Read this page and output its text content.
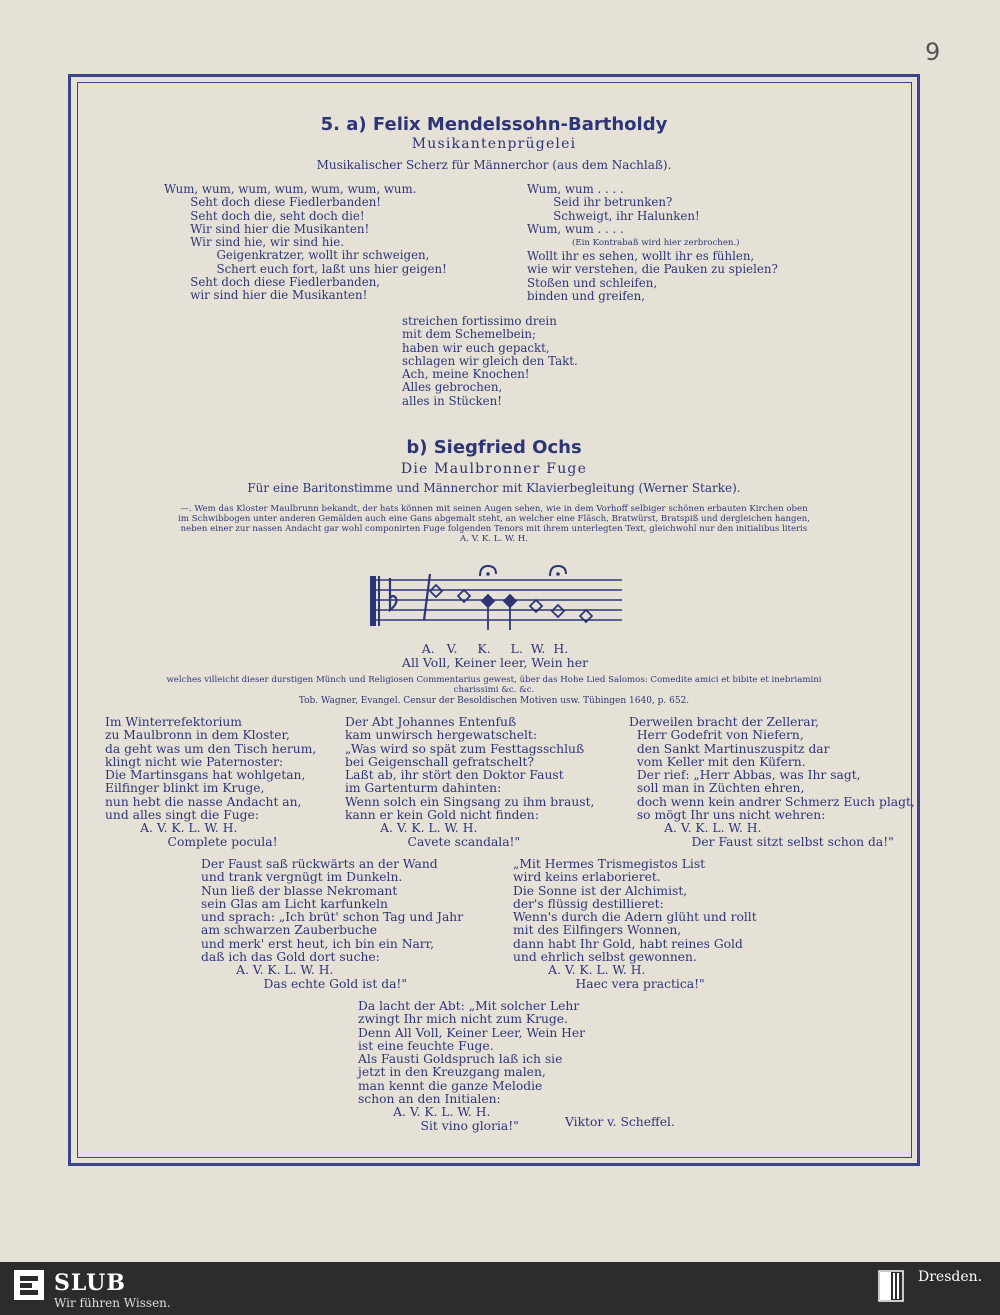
9
5. a) Felix Mendelssohn-Bartholdy
Musikantenprügelei
Musikalischer Scherz für Männerchor (aus dem Nachlaß).
Wum, wum, wum, wum, wum, wum, wum.
Seht doch diese Fiedlerbanden!
Seht doch die, seht doch die!
Wir sind hier die Musikanten!
Wir sind hie, wir sind hie.
Geigenkratzer, wollt ihr schweigen,
Schert euch fort, laßt uns hier geigen!
Seht doch diese Fiedlerbanden,
wir sind hier die Musikanten!
Wum, wum . . . .
Seid ihr betrunken?
Schweigt, ihr Halunken!
Wum, wum . . . .
(Ein Kontrabaß wird hier zerbrochen.)
Wollt ihr es sehen, wollt ihr es fühlen,
wie wir verstehen, die Pauken zu spielen?
Stoßen und schleifen,
binden und greifen,
streichen fortissimo drein
mit dem Schemelbein;
haben wir euch gepackt,
schlagen wir gleich den Takt.
Ach, meine Knochen!
Alles gebrochen,
alles in Stücken!
b) Siegfried Ochs
Die Maulbronner Fuge
Für eine Baritonstimme und Männerchor mit Klavierbegleitung (Werner Starke).
—. Wem das Kloster Maulbrunn bekandt, der hats können mit seinen Augen sehen, wie in dem Vorhoff selbiger schönen erbauten Kirchen oben
im Schwibbogen unter anderen Gemälden auch eine Gans abgemalt steht, an welcher eine Fläsch, Bratwürst, Bratspiß und dergleichen hangen,
neben einer zur nassen Andacht gar wohl componirten Fuge folgenden Tenors mit ihrem unterlegten Text, gleichwohl nur den initialibus literis
A. V. K. L. W. H.
A.   V.     K.     L.  W.  H.
All Voll, Keiner leer, Wein her
welches villeicht dieser durstigen Münch und Religiosen Commentarius gewest, über das Hohe Lied Salomos: Comedite amici et bibite et inebriamini
charissimi &c. &c.
Tob. Wagner, Evangel. Censur der Besoldischen Motiven usw. Tübingen 1640, p. 652.
Im Winterrefektorium
zu Maulbronn in dem Kloster,
da geht was um den Tisch herum,
klingt nicht wie Paternoster:
Die Martinsgans hat wohlgetan,
Eilfinger blinkt im Kruge,
nun hebt die nasse Andacht an,
und alles singt die Fuge:
A. V. K. L. W. H.
Complete pocula!
Der Abt Johannes Entenfuß
kam unwirsch hergewatschelt:
„Was wird so spät zum Festtagsschluß
bei Geigenschall gefratschelt?
Laßt ab, ihr stört den Doktor Faust
im Gartenturm dahinten:
Wenn solch ein Singsang zu ihm braust,
kann er kein Gold nicht finden:
A. V. K. L. W. H.
Cavete scandala!"
Derweilen bracht der Zellerar,
Herr Godefrit von Niefern,
den Sankt Martinuszuspitz dar
vom Keller mit den Küfern.
Der rief: „Herr Abbas, was Ihr sagt,
soll man in Züchten ehren,
doch wenn kein andrer Schmerz Euch plagt,
so mögt Ihr uns nicht wehren:
A. V. K. L. W. H.
Der Faust sitzt selbst schon da!"
Der Faust saß rückwärts an der Wand
und trank vergnügt im Dunkeln.
Nun ließ der blasse Nekromant
sein Glas am Licht karfunkeln
und sprach: „Ich brüt' schon Tag und Jahr
am schwarzen Zauberbuche
und merk' erst heut, ich bin ein Narr,
daß ich das Gold dort suche:
A. V. K. L. W. H.
Das echte Gold ist da!"
„Mit Hermes Trismegistos List
wird keins erlaborieret.
Die Sonne ist der Alchimist,
der's flüssig destillieret:
Wenn's durch die Adern glüht und rollt
mit des Eilfingers Wonnen,
dann habt Ihr Gold, habt reines Gold
und ehrlich selbst gewonnen.
A. V. K. L. W. H.
Haec vera practica!"
Da lacht der Abt: „Mit solcher Lehr
zwingt Ihr mich nicht zum Kruge.
Denn All Voll, Keiner Leer, Wein Her
ist eine feuchte Fuge.
Als Fausti Goldspruch laß ich sie
jetzt in den Kreuzgang malen,
man kennt die ganze Melodie
schon an den Initialen:
A. V. K. L. W. H.
Sit vino gloria!"	Viktor v. Scheffel.
SLUB
Wir führen Wissen.
Dresden.
